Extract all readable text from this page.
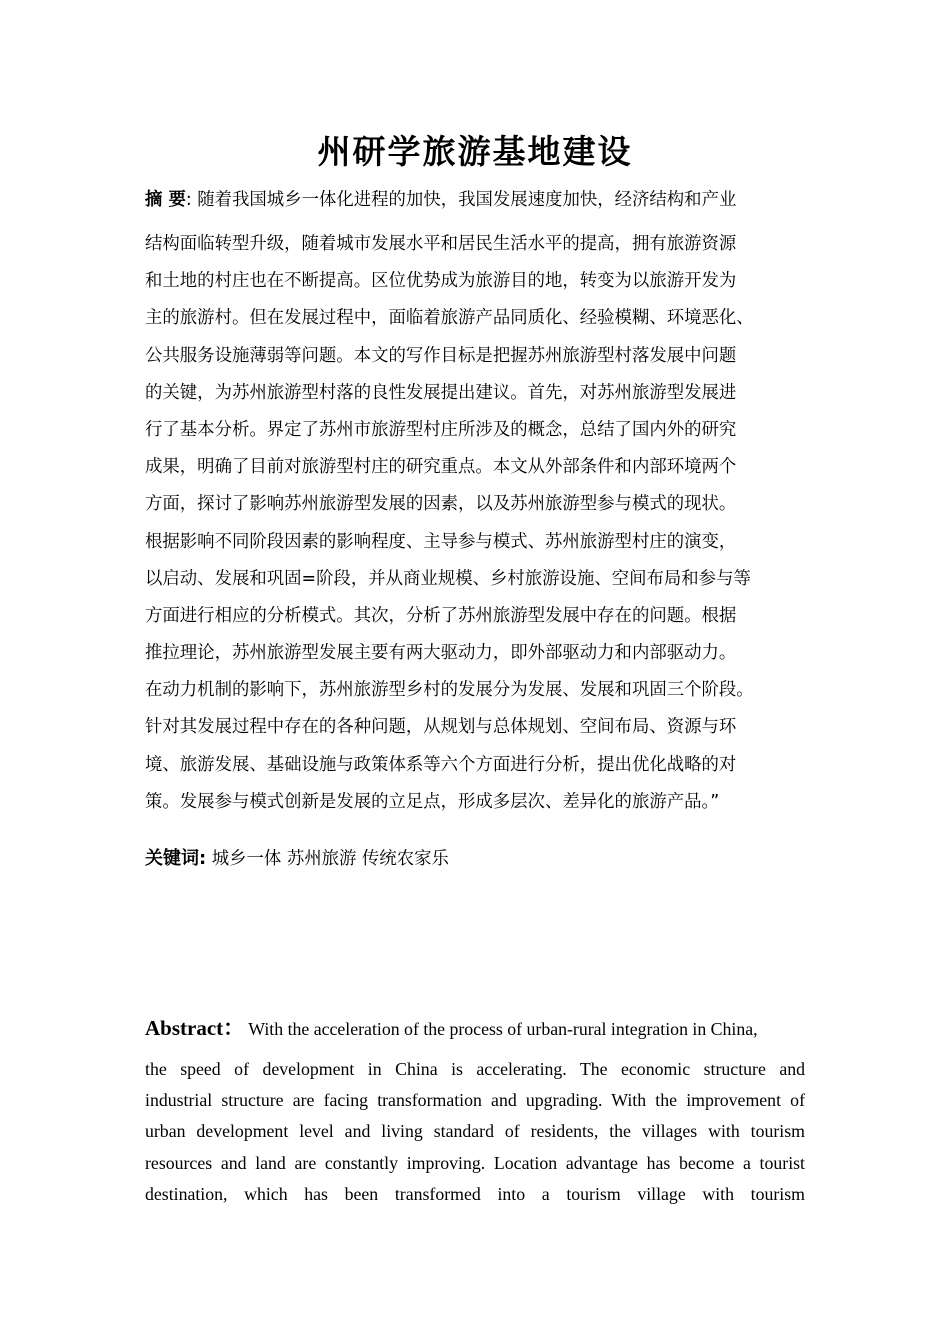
州研学旅游基地建设
摘 要: 随着我国城乡一体化进程的加快，我国发展速度加快，经济结构和产业
结构面临转型升级，随着城市发展水平和居民生活水平的提高，拥有旅游资源
和土地的村庄也在不断提高。区位优势成为旅游目的地，转变为以旅游开发为
主的旅游村。但在发展过程中，面临着旅游产品同质化、经验模糊、环境恶化、
公共服务设施薄弱等问题。本文的写作目标是把握苏州旅游型村落发展中问题
的关键，为苏州旅游型村落的良性发展提出建议。首先，对苏州旅游型发展进
行了基本分析。界定了苏州市旅游型村庄所涉及的概念，总结了国内外的研究
成果，明确了目前对旅游型村庄的研究重点。本文从外部条件和内部环境两个
方面，探讨了影响苏州旅游型发展的因素，以及苏州旅游型参与模式的现状。
根据影响不同阶段因素的影响程度、主导参与模式、苏州旅游型村庄的演变，
以启动、发展和巩固=阶段，并从商业规模、乡村旅游设施、空间布局和参与等
方面进行相应的分析模式。其次，分析了苏州旅游型发展中存在的问题。根据
推拉理论，苏州旅游型发展主要有两大驱动力，即外部驱动力和内部驱动力。
在动力机制的影响下，苏州旅游型乡村的发展分为发展、发展和巩固三个阶段。
针对其发展过程中存在的各种问题，从规划与总体规划、空间布局、资源与环
境、旅游发展、基础设施与政策体系等六个方面进行分析，提出优化战略的对
策。发展参与模式创新是发展的立足点，形成多层次、差异化的旅游产品。”
关键词: 城乡一体 苏州旅游 传统农家乐
Abstract： With the acceleration of the process of urban-rural integration in China,
the speed of development in China is accelerating. The economic structure and
industrial structure are facing transformation and upgrading. With the improvement of
urban development level and living standard of residents, the villages with tourism
resources and land are constantly improving. Location advantage has become a tourist
destination, which has been transformed into a tourism village with tourism
